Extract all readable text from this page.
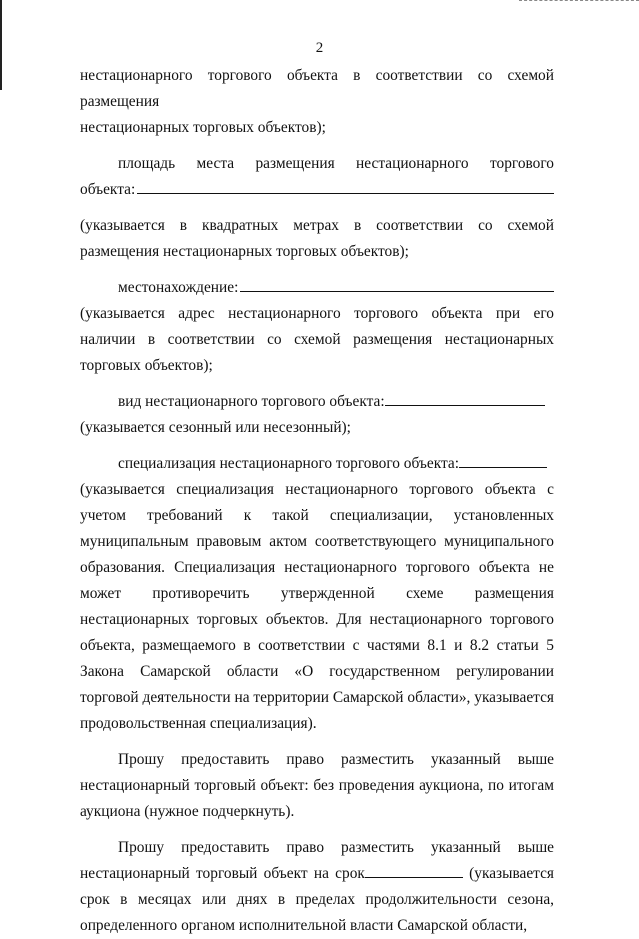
2

нестационарного торгового объекта в соответствии со схемой размещения

нестационарных торговых объектов);

площадь места размещения нестационарного торгового

объекта:

(указывается в квадратных метрах в соответствии со схемой размещения нестационарных торговых объектов);

местонахождение:

(указывается адрес нестационарного торгового объекта при его наличии в соответствии со схемой размещения нестационарных торговых объектов);

вид нестационарного торгового объекта:

(указывается сезонный или несезонный);

специализация нестационарного торгового объекта:

(указывается специализация нестационарного торгового объекта с учетом требований к такой специализации, установленных муниципальным правовым актом соответствующего муниципального образования. Специализация нестационарного торгового объекта не может противоречить утвержденной схеме размещения нестационарных торговых объектов. Для нестационарного торгового объекта, размещаемого в соответствии с частями 8.1 и 8.2 статьи 5 Закона Самарской области «О государственном регулировании торговой деятельности на территории Самарской области», указывается продовольственная специализация).

Прошу предоставить право разместить указанный выше нестационарный торговый объект: без проведения аукциона, по итогам аукциона (нужное подчеркнуть).

Прошу предоставить право разместить указанный выше нестационарный торговый объект на срок	(указывается срок в месяцах или днях в пределах продолжительности сезона, определенного органом исполнительной власти Самарской области,
